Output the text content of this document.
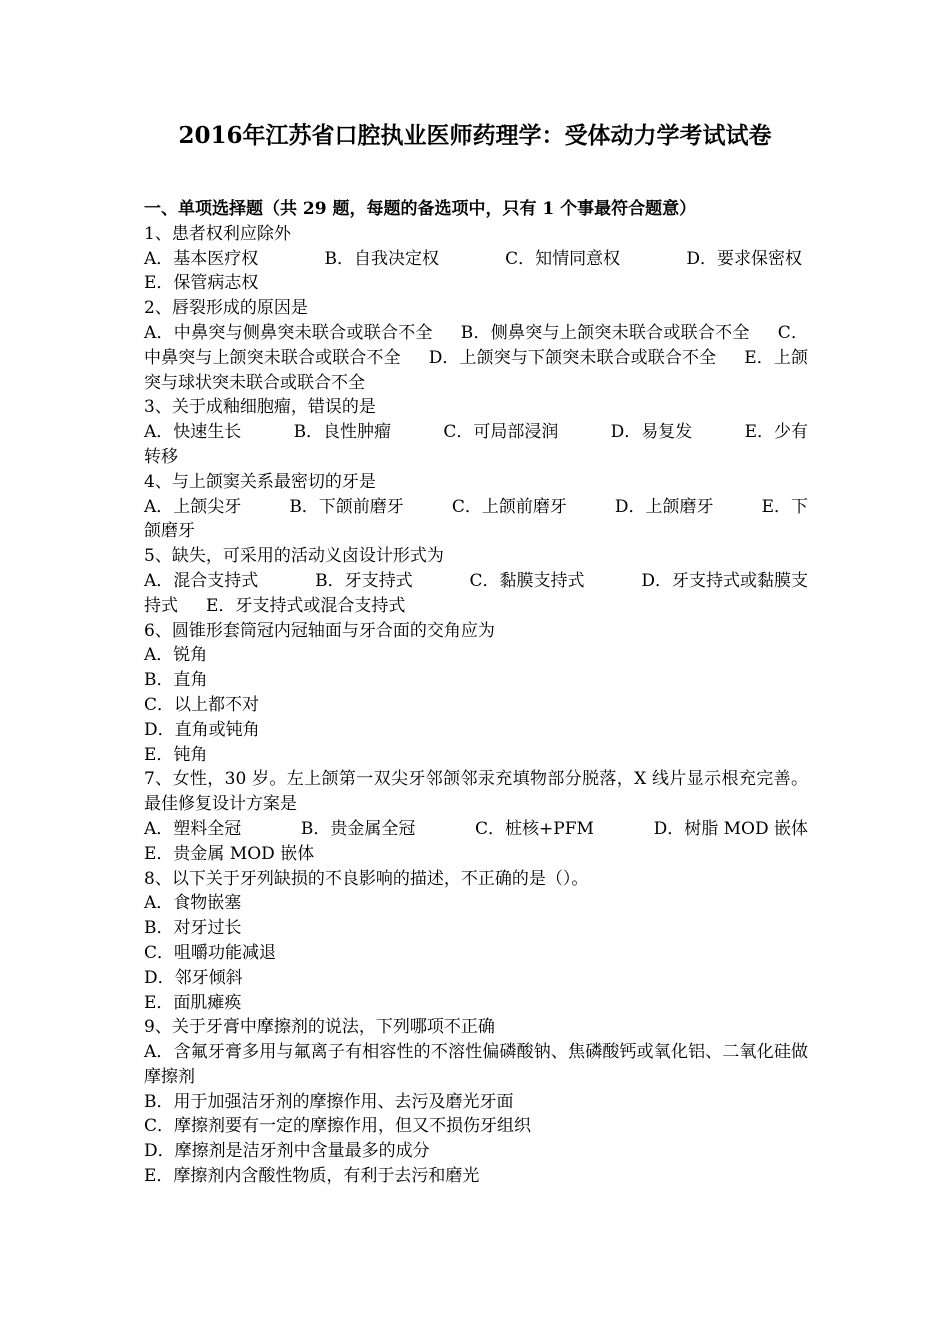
2016年江苏省口腔执业医师药理学：受体动力学考试试卷
一、单项选择题（共 29 题，每题的备选项中，只有 1 个事最符合题意）
1、患者权利应除外
A．基本医疗权	B．自我决定权	C．知情同意权	D．要求保密权
E．保管病志权
2、唇裂形成的原因是
A．中鼻突与侧鼻突未联合或联合不全 B．侧鼻突与上颌突未联合或联合不全 C．中鼻突与上颌突未联合或联合不全 D．上颌突与下颌突未联合或联合不全 E．上颌突与球状突未联合或联合不全
3、关于成釉细胞瘤，错误的是
A．快速生长	B．良性肿瘤	C．可局部浸润	D．易复发	E．少有
转移
4、与上颌窦关系最密切的牙是
A．上颌尖牙	B．下颌前磨牙	C．上颌前磨牙	D．上颌磨牙	E．下
颌磨牙
5、缺失，可采用的活动义卤设计形式为
A．混合支持式	B．牙支持式	C．黏膜支持式	D．牙支持式或黏膜支
持式 E．牙支持式或混合支持式
6、圆锥形套筒冠内冠轴面与牙合面的交角应为
A．锐角
B．直角
C．以上都不对
D．直角或钝角
E．钝角
7、女性，30 岁。左上颌第一双尖牙邻颌邻汞充填物部分脱落，X 线片显示根充完善。最佳修复设计方案是
A．塑料全冠	B．贵金属全冠	C．桩核+PFM	D．树脂 MOD 嵌体
E．贵金属 MOD 嵌体
8、以下关于牙列缺损的不良影响的描述，不正确的是（）。
A．食物嵌塞
B．对牙过长
C．咀嚼功能减退
D．邻牙倾斜
E．面肌瘫痪
9、关于牙膏中摩擦剂的说法，下列哪项不正确
A．含氟牙膏多用与氟离子有相容性的不溶性偏磷酸钠、焦磷酸钙或氧化铝、二氧化硅做摩擦剂
B．用于加强洁牙剂的摩擦作用、去污及磨光牙面
C．摩擦剂要有一定的摩擦作用，但又不损伤牙组织
D．摩擦剂是洁牙剂中含量最多的成分
E．摩擦剂内含酸性物质，有利于去污和磨光
